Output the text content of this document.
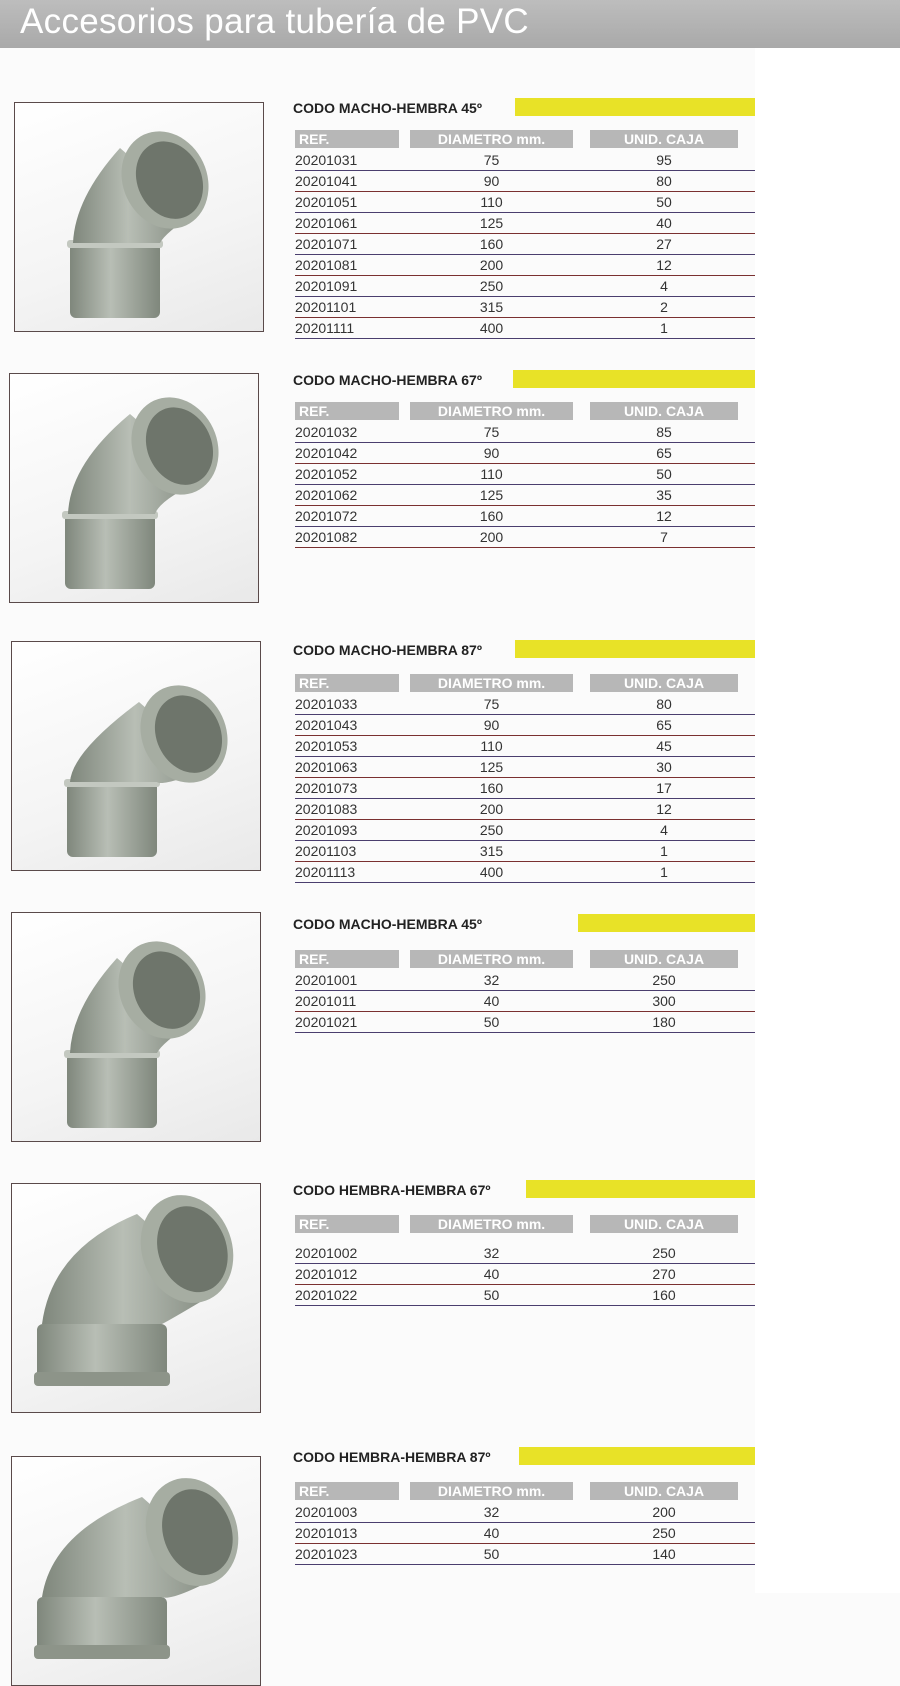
Accesorios para tubería de PVC
CODO MACHO-HEMBRA 45º
REF.	DIAMETRO mm.	UNID. CAJA
20201031	75	95
20201041	90	80
20201051	110	50
20201061	125	40
20201071	160	27
20201081	200	12
20201091	250	4
20201101	315	2
20201111	400	1
CODO MACHO-HEMBRA 67º
REF.	DIAMETRO mm.	UNID. CAJA
20201032	75	85
20201042	90	65
20201052	110	50
20201062	125	35
20201072	160	12
20201082	200	7
CODO MACHO-HEMBRA 87º
REF.	DIAMETRO mm.	UNID. CAJA
20201033	75	80
20201043	90	65
20201053	110	45
20201063	125	30
20201073	160	17
20201083	200	12
20201093	250	4
20201103	315	1
20201113	400	1
CODO MACHO-HEMBRA 45º
REF.	DIAMETRO mm.	UNID. CAJA
20201001	32	250
20201011	40	300
20201021	50	180
CODO HEMBRA-HEMBRA 67º
REF.	DIAMETRO mm.	UNID. CAJA
20201002	32	250
20201012	40	270
20201022	50	160
CODO HEMBRA-HEMBRA 87º
REF.	DIAMETRO mm.	UNID. CAJA
20201003	32	200
20201013	40	250
20201023	50	140
